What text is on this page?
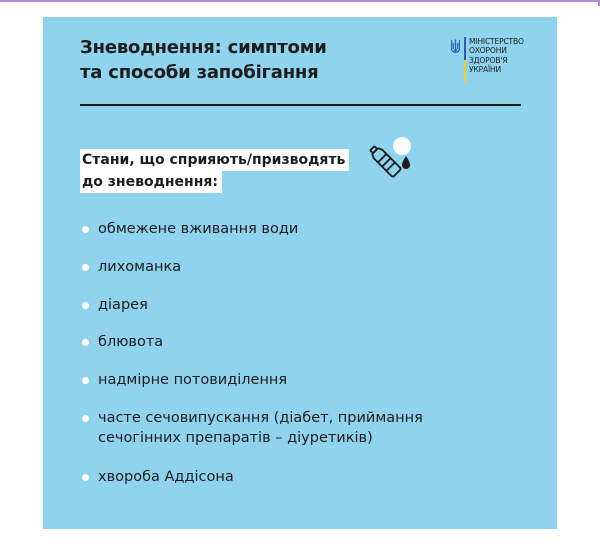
Зневоднення: симптоми
та способи запобігання
МІНІСТЕРСТВО
ОХОРОНИ
ЗДОРОВ'Я
УКРАЇНИ
Стани, що сприяють/призводять
до зневоднення:
обмежене вживання води
лихоманка
діарея
блювота
надмірне потовиділення
часте сечовипускання (діабет, приймання сечогінних препаратів – діуретиків)
хвороба Аддісона
